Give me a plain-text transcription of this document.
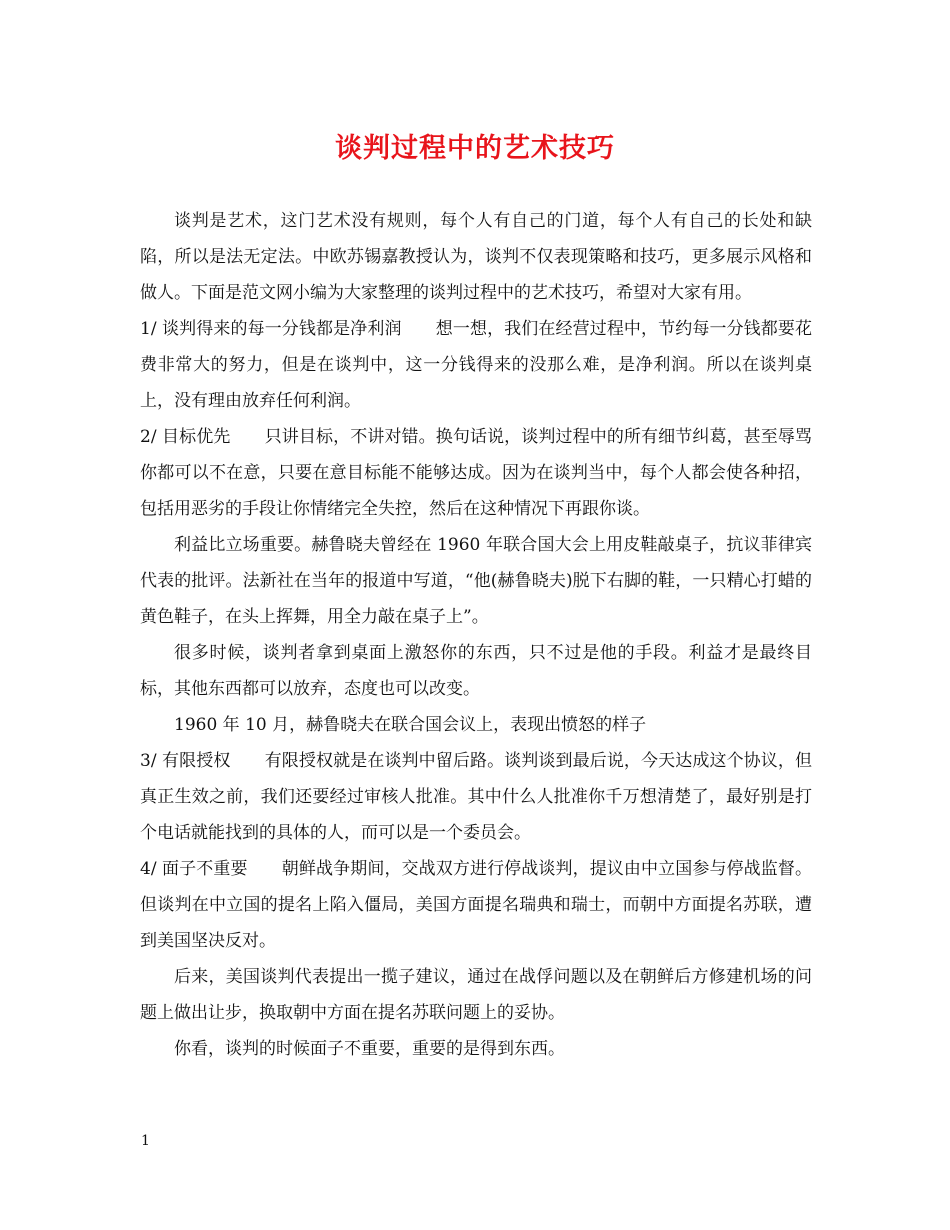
谈判过程中的艺术技巧

谈判是艺术，这门艺术没有规则，每个人有自己的门道，每个人有自己的长处和缺陷，所以是法无定法。中欧苏锡嘉教授认为，谈判不仅表现策略和技巧，更多展示风格和做人。下面是范文网小编为大家整理的谈判过程中的艺术技巧，希望对大家有用。

1/ 谈判得来的每一分钱都是净利润　　想一想，我们在经营过程中，节约每一分钱都要花费非常大的努力，但是在谈判中，这一分钱得来的没那么难，是净利润。所以在谈判桌上，没有理由放弃任何利润。

2/ 目标优先　　只讲目标，不讲对错。换句话说，谈判过程中的所有细节纠葛，甚至辱骂你都可以不在意，只要在意目标能不能够达成。因为在谈判当中，每个人都会使各种招，包括用恶劣的手段让你情绪完全失控，然后在这种情况下再跟你谈。

利益比立场重要。赫鲁晓夫曾经在 1960 年联合国大会上用皮鞋敲桌子，抗议菲律宾代表的批评。法新社在当年的报道中写道，“他(赫鲁晓夫)脱下右脚的鞋，一只精心打蜡的黄色鞋子，在头上挥舞，用全力敲在桌子上”。

很多时候，谈判者拿到桌面上激怒你的东西，只不过是他的手段。利益才是最终目标，其他东西都可以放弃，态度也可以改变。

1960 年 10 月，赫鲁晓夫在联合国会议上，表现出愤怒的样子

3/ 有限授权　　有限授权就是在谈判中留后路。谈判谈到最后说，今天达成这个协议，但真正生效之前，我们还要经过审核人批准。其中什么人批准你千万想清楚了，最好别是打个电话就能找到的具体的人，而可以是一个委员会。

4/ 面子不重要　　朝鲜战争期间，交战双方进行停战谈判，提议由中立国参与停战监督。但谈判在中立国的提名上陷入僵局，美国方面提名瑞典和瑞士，而朝中方面提名苏联，遭到美国坚决反对。

后来，美国谈判代表提出一揽子建议，通过在战俘问题以及在朝鲜后方修建机场的问题上做出让步，换取朝中方面在提名苏联问题上的妥协。

你看，谈判的时候面子不重要，重要的是得到东西。

1
